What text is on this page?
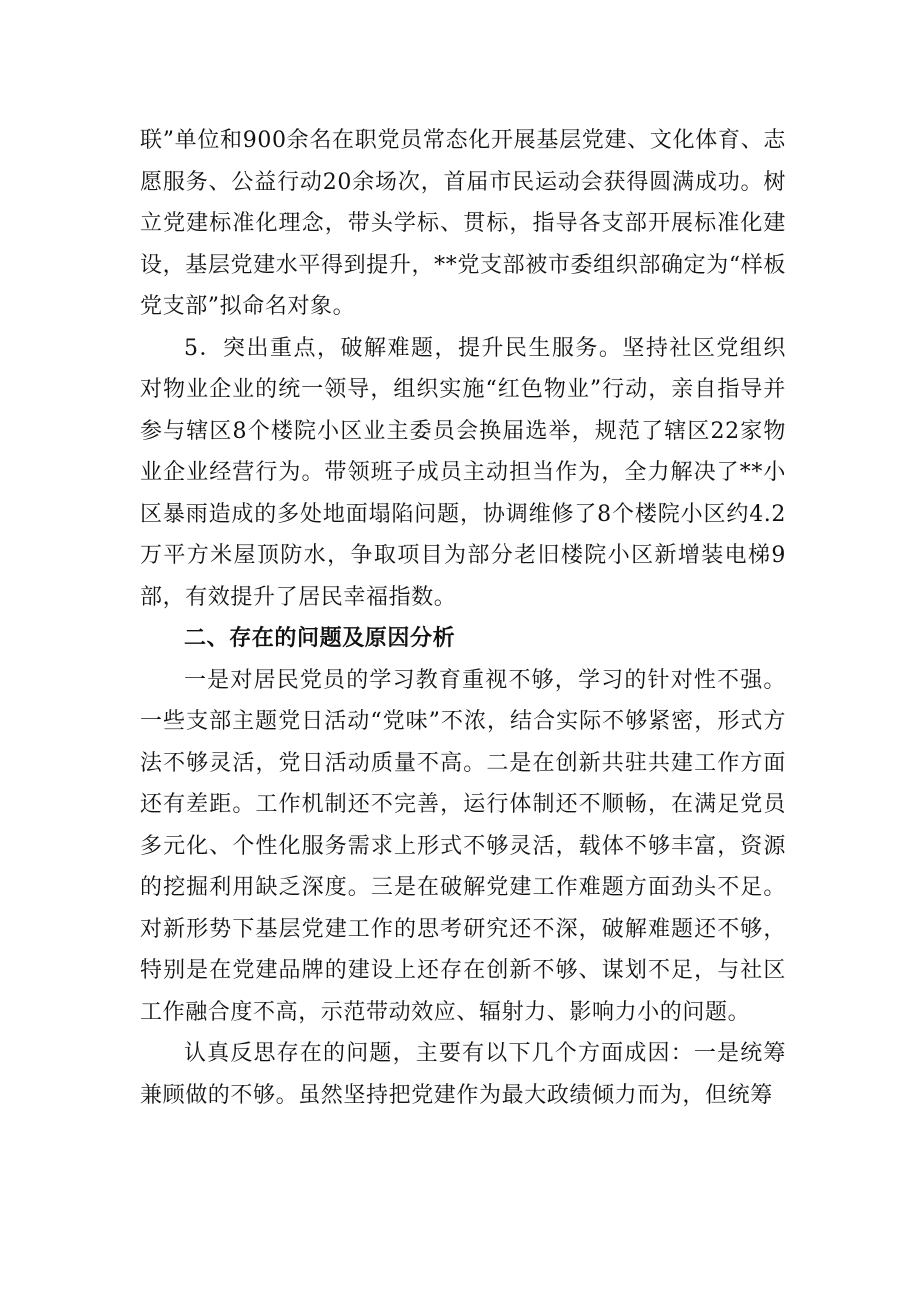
联”单位和900余名在职党员常态化开展基层党建、文化体育、志愿服务、公益行动20余场次，首届市民运动会获得圆满成功。树立党建标准化理念，带头学标、贯标，指导各支部开展标准化建设，基层党建水平得到提升，**党支部被市委组织部确定为“样板党支部”拟命名对象。

5．突出重点，破解难题，提升民生服务。坚持社区党组织对物业企业的统一领导，组织实施“红色物业”行动，亲自指导并参与辖区8个楼院小区业主委员会换届选举，规范了辖区22家物业企业经营行为。带领班子成员主动担当作为，全力解决了**小区暴雨造成的多处地面塌陷问题，协调维修了8个楼院小区约4.2万平方米屋顶防水，争取项目为部分老旧楼院小区新增装电梯9部，有效提升了居民幸福指数。

二、存在的问题及原因分析

一是对居民党员的学习教育重视不够，学习的针对性不强。一些支部主题党日活动“党味”不浓，结合实际不够紧密，形式方法不够灵活，党日活动质量不高。二是在创新共驻共建工作方面还有差距。工作机制还不完善，运行体制还不顺畅，在满足党员多元化、个性化服务需求上形式不够灵活，载体不够丰富，资源的挖掘利用缺乏深度。三是在破解党建工作难题方面劲头不足。对新形势下基层党建工作的思考研究还不深，破解难题还不够，特别是在党建品牌的建设上还存在创新不够、谋划不足，与社区工作融合度不高，示范带动效应、辐射力、影响力小的问题。

认真反思存在的问题，主要有以下几个方面成因：一是统筹兼顾做的不够。虽然坚持把党建作为最大政绩倾力而为，但统筹
